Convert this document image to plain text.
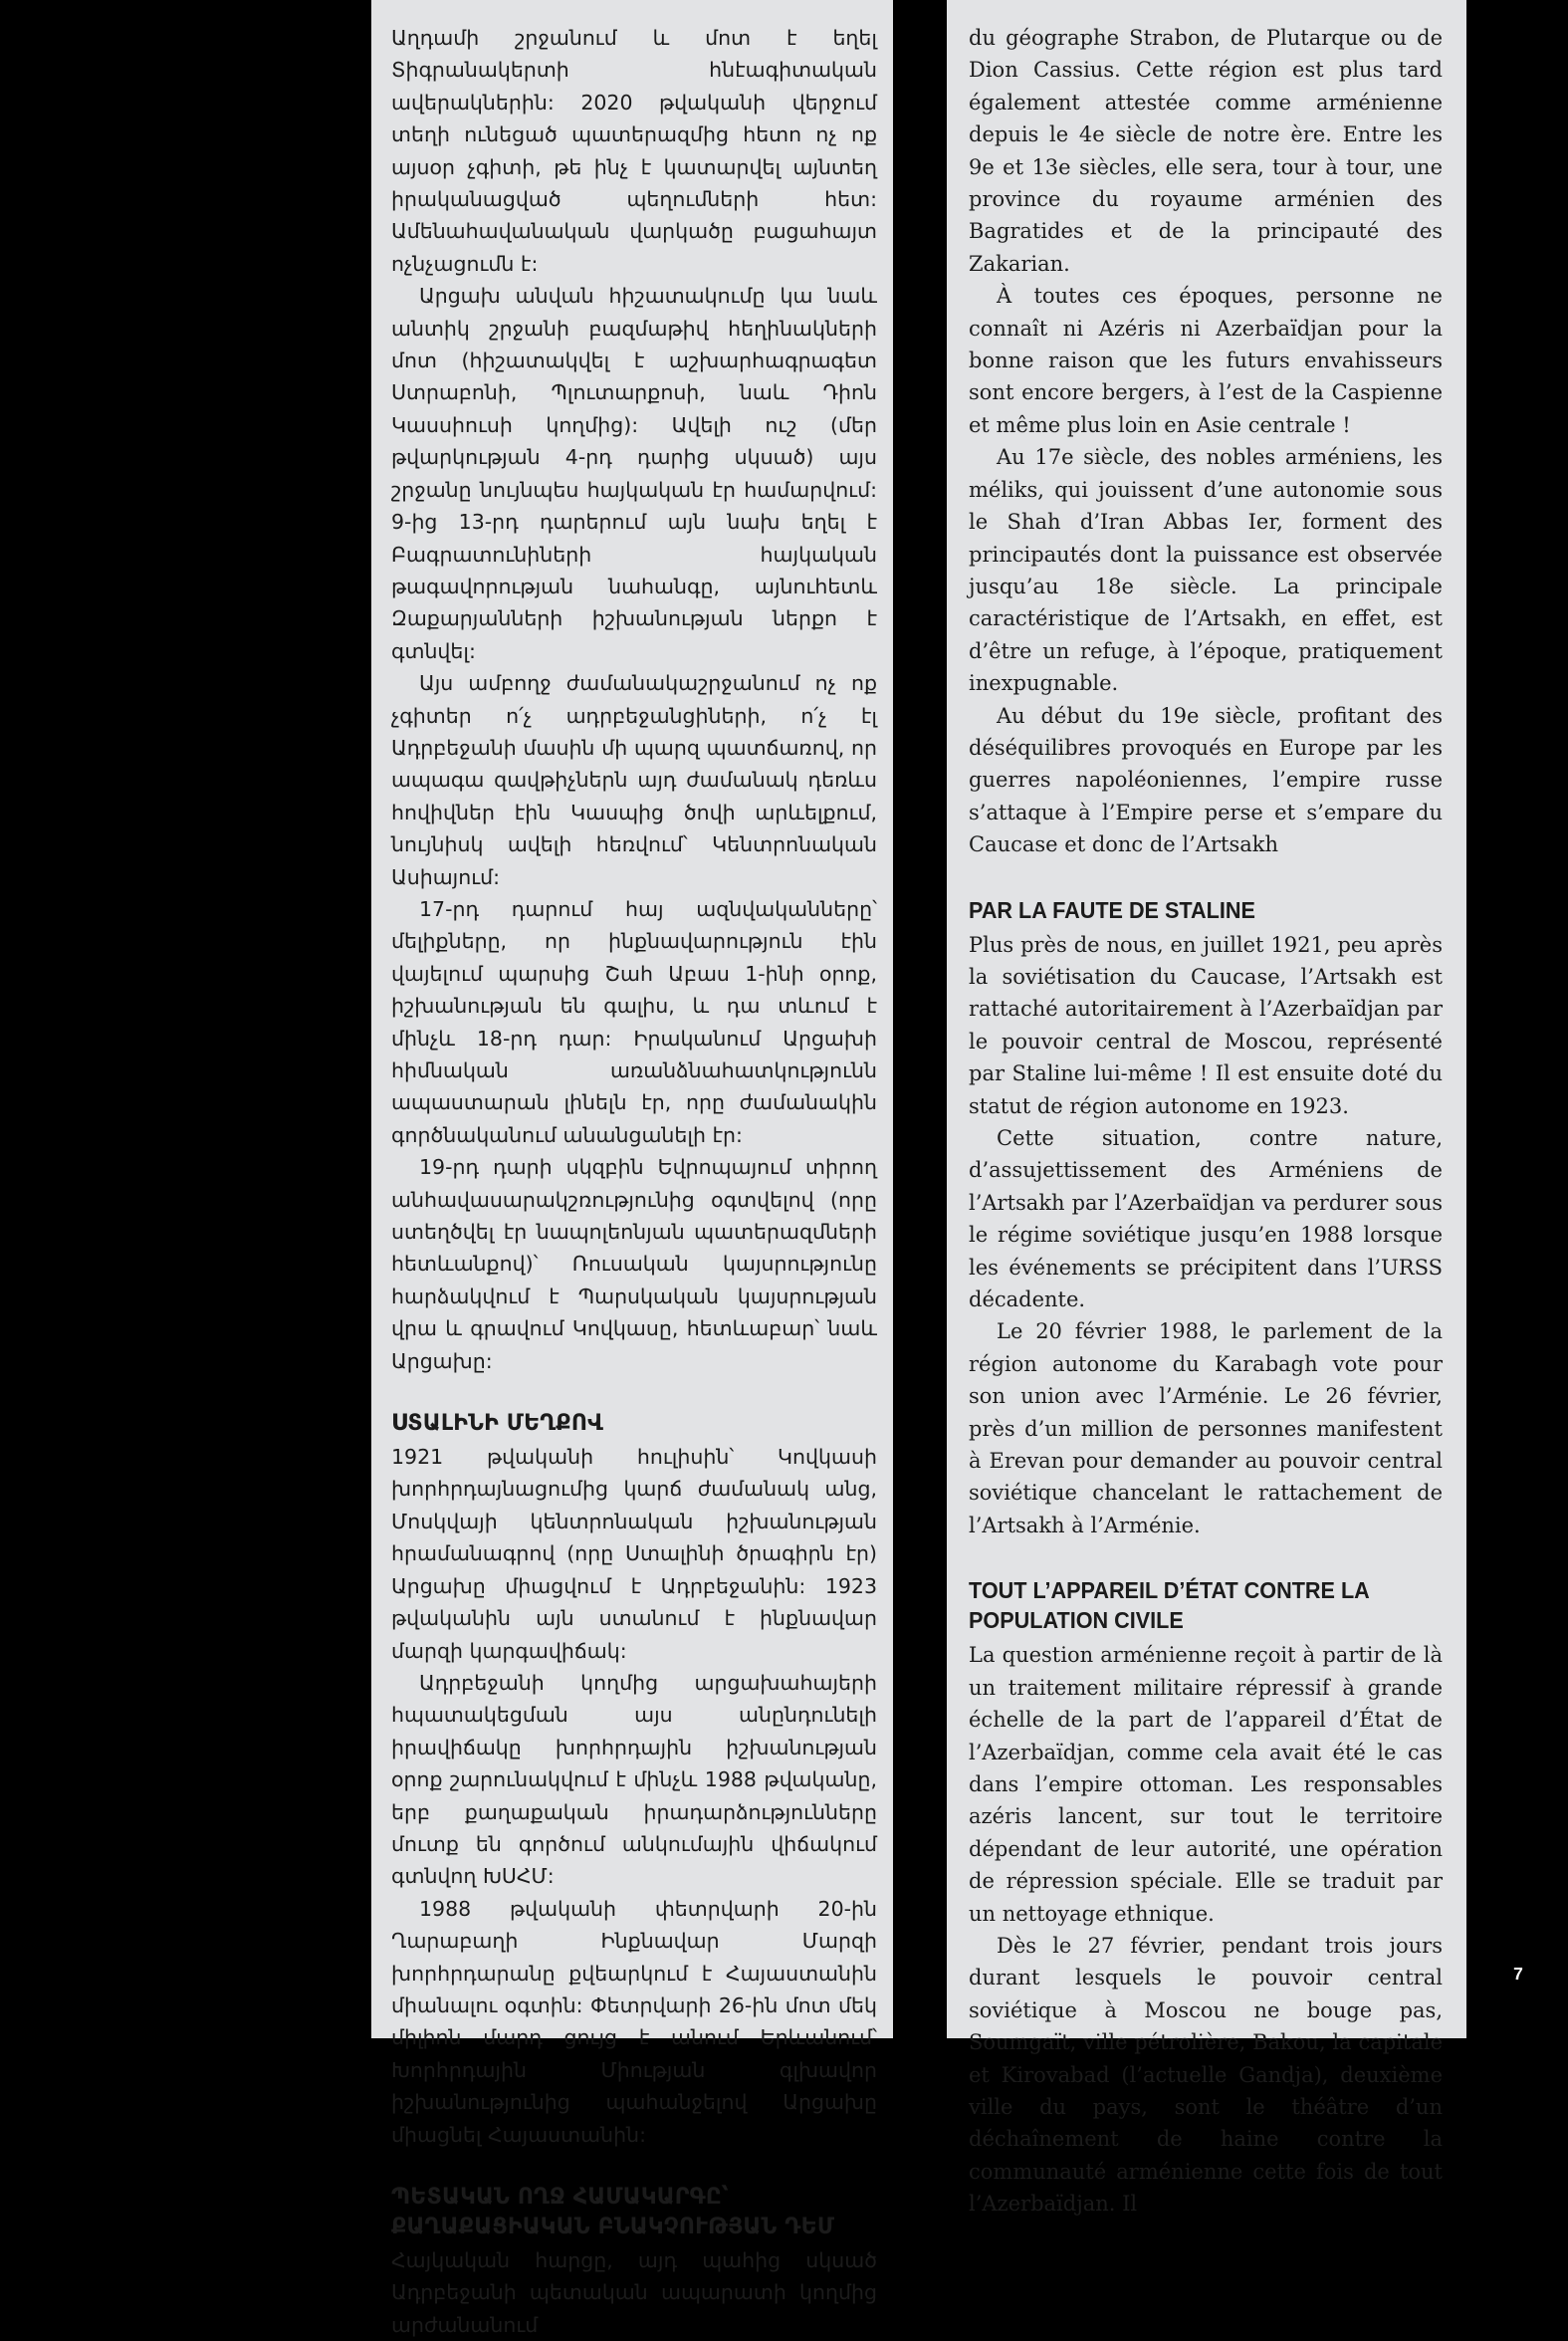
Աղդամի շրջանում և մոտ է եղել Տիգրանակերտի հնէագիտական ավերակներին: 2020 թվականի վերջում տեղի ունեցած պատերազմից հետո ոչ ոք այսօր չգիտի, թե ինչ է կատարվել այնտեղ իրականացված պեղումների հետ: Ամենահավանական վարկածը բացահայտ ոչնչացումն է:

Արցախ անվան հիշատակումը կա նաև անտիկ շրջանի բազմաթիվ հեղինակների մոտ (հիշատակվել է աշխարհագրագետ Ստրաբոնի, Պլուտարքոսի, նաև Դիոն Կասսիուսի կողմից): Ավելի ուշ (մեր թվարկության 4-րդ դարից սկսած) այս շրջանը նույնպես հայկական էր համարվում: 9-ից 13-րդ դարերում այն նախ եղել է Բագրատունիների հայկական թագավորության նահանգը, այնուհետև Զաքարյանների իշխանության ներքո է գտնվել:

Այս ամբողջ ժամանակաշրջանում ոչ ոք չգիտեր ո՛չ ադրբեջանցիների, ո՛չ էլ Ադրբեջանի մասին մի պարզ պատճառով, որ ապագա զավթիչներն այդ ժամանակ դեռևս հովիվներ էին Կասպից ծովի արևելքում, նույնիսկ ավելի հեռվում՝ Կենտրոնական Ասիայում:

17-րդ դարում հայ ազնվականները՝ մելիքները, որ ինքնավարություն էին վայելում պարսից Շահ Աբաս 1-ինի օրոք, իշխանության են գալիս, և դա տևում է մինչև 18-րդ դար: Իրականում Արցախի հիմնական առանձնահատկությունն ապաստարան լինելն էր, որը ժամանակին գործնականում անանցանելի էր:

19-րդ դարի սկզբին Եվրոպայում տիրող անհավասարակշռությունից օգտվելով (որը ստեղծվել էր նապոլեոնյան պատերազմների հետևանքով)՝ Ռուսական կայսրությունը հարձակվում է Պարսկական կայսրության վրա և գրավում Կովկասը, հետևաբար՝ նաև Արցախը:

ՍՏԱԼԻՆԻ ՄԵՂՔՈՎ

1921 թվականի հուլիսին՝ Կովկասի խորհրդայնացումից կարճ ժամանակ անց, Մոսկվայի կենտրոնական իշխանության հրամանագրով (որը Ստալինի ծրագիրն էր) Արցախը միացվում է Ադրբեջանին: 1923 թվականին այն ստանում է ինքնավար մարզի կարգավիճակ:

Ադրբեջանի կողմից արցախահայերի հպատակեցման այս անընդունելի իրավիճակը խորհրդային իշխանության օրոք շարունակվում է մինչև 1988 թվականը, երբ քաղաքական իրադարձությունները մուտք են գործում անկումային վիճակում գտնվող ԽՍՀՄ:

1988 թվականի փետրվարի 20-ին Ղարաբաղի Ինքնավար Մարզի խորհրդարանը քվեարկում է Հայաստանին միանալու օգտին: Փետրվարի 26-ին մոտ մեկ միլիոն մարդ ցույց է անում Երևանում՝ Խորհրդային Միության գլխավոր իշխանությունից պահանջելով Արցախը միացնել Հայաստանին:

ՊԵՏԱԿԱՆ ՈՂՋ ՀԱՄԱԿԱՐԳԸ՝ ՔԱՂԱՔԱՑԻԱԿԱՆ ԲՆԱԿՉՈՒԹՅԱՆ ԴԵՄ

Հայկական հարցը, այդ պահից սկսած Ադրբեջանի պետական ապարատի կողմից արժանանում

du géographe Strabon, de Plutarque ou de Dion Cassius. Cette région est plus tard également attestée comme arménienne depuis le 4e siècle de notre ère. Entre les 9e et 13e siècles, elle sera, tour à tour, une province du royaume arménien des Bagratides et de la principauté des Zakarian.

À toutes ces époques, personne ne connaît ni Azéris ni Azerbaïdjan pour la bonne raison que les futurs envahisseurs sont encore bergers, à l’est de la Caspienne et même plus loin en Asie centrale !

Au 17e siècle, des nobles arméniens, les méliks, qui jouissent d’une autonomie sous le Shah d’Iran Abbas Ier, forment des principautés dont la puissance est observée jusqu’au 18e siècle. La principale caractéristique de l’Artsakh, en effet, est d’être un refuge, à l’époque, pratiquement inexpugnable.

Au début du 19e siècle, profitant des déséquilibres provoqués en Europe par les guerres napoléoniennes, l’empire russe s’attaque à l’Empire perse et s’empare du Caucase et donc de l’Artsakh

PAR LA FAUTE DE STALINE

Plus près de nous, en juillet 1921, peu après la soviétisation du Caucase, l’Artsakh est rattaché autoritairement à l’Azerbaïdjan par le pouvoir central de Moscou, représenté par Staline lui-même ! Il est ensuite doté du statut de région autonome en 1923.

Cette situation, contre nature, d’assujettissement des Arméniens de l’Artsakh par l’Azerbaïdjan va perdurer sous le régime soviétique jusqu’en 1988 lorsque les événements se précipitent dans l’URSS décadente.

Le 20 février 1988, le parlement de la région autonome du Karabagh vote pour son union avec l’Arménie. Le 26 février, près d’un million de personnes manifestent à Erevan pour demander au pouvoir central soviétique chancelant le rattachement de l’Artsakh à l’Arménie.

TOUT L’APPAREIL D’ÉTAT CONTRE LA POPULATION CIVILE

La question arménienne reçoit à partir de là un traitement militaire répressif à grande échelle de la part de l’appareil d’État de l’Azerbaïdjan, comme cela avait été le cas dans l’empire ottoman. Les responsables azéris lancent, sur tout le territoire dépendant de leur autorité, une opération de répression spéciale. Elle se traduit par un nettoyage ethnique.

Dès le 27 février, pendant trois jours durant lesquels le pouvoir central soviétique à Moscou ne bouge pas, Soumgaït, ville pétrolière, Bakou, la capitale et Kirovabad (l’actuelle Gandja), deuxième ville du pays, sont le théâtre d’un déchaînement de haine contre la communauté arménienne cette fois de tout l’Azerbaïdjan. Il

7
